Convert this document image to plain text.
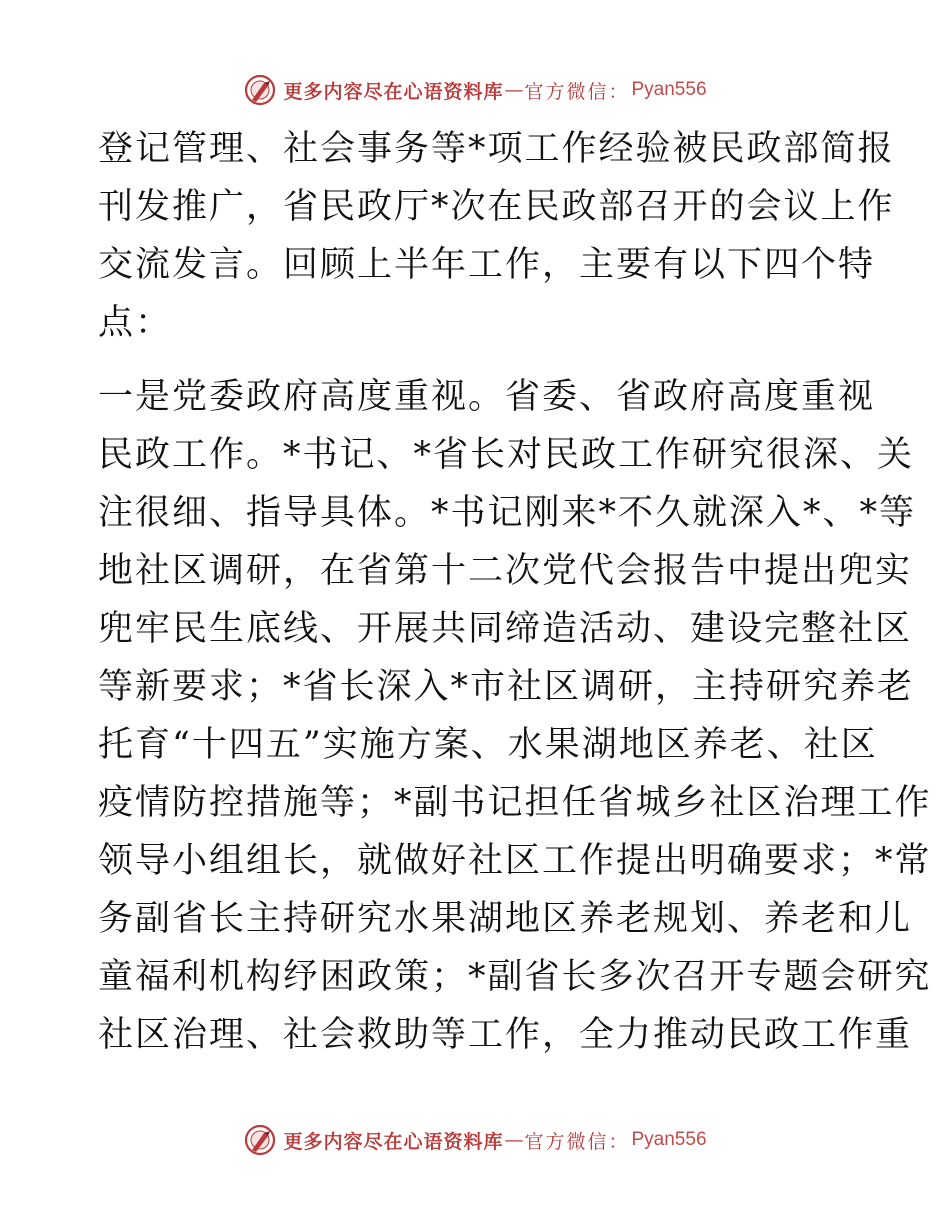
更多内容尽在心语资料库 — 官方微信： Pyan556

登记管理、社会事务等*项工作经验被民政部简报
刊发推广，省民政厅*次在民政部召开的会议上作
交流发言。回顾上半年工作，主要有以下四个特
点：

一是党委政府高度重视。省委、省政府高度重视
民政工作。*书记、*省长对民政工作研究很深、关
注很细、指导具体。*书记刚来*不久就深入*、*等
地社区调研，在省第十二次党代会报告中提出兜实
兜牢民生底线、开展共同缔造活动、建设完整社区
等新要求；*省长深入*市社区调研，主持研究养老
托育“十四五”实施方案、水果湖地区养老、社区
疫情防控措施等；*副书记担任省城乡社区治理工作
领导小组组长，就做好社区工作提出明确要求；*常
务副省长主持研究水果湖地区养老规划、养老和儿
童福利机构纾困政策；*副省长多次召开专题会研究
社区治理、社会救助等工作，全力推动民政工作重

更多内容尽在心语资料库 — 官方微信： Pyan556
